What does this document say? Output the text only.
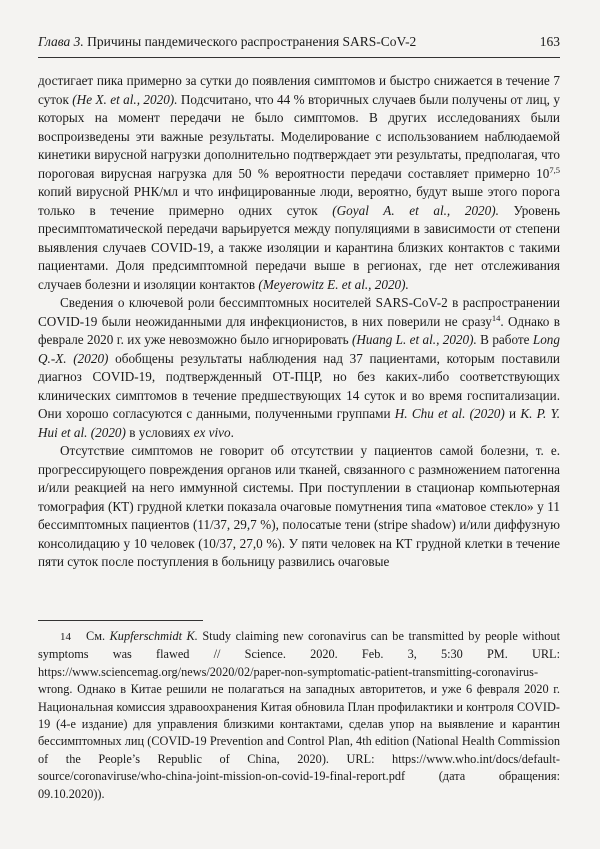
Глава 3. Причины пандемического распространения SARS-CoV-2	163

достигает пика примерно за сутки до появления симптомов и быстро снижается в течение 7 суток (He X. et al., 2020). Подсчитано, что 44 % вторичных случаев были получены от лиц, у которых на момент передачи не было симптомов. В других исследованиях были воспроизведены эти важные результаты. Моделирование с использованием наблюдаемой кинетики вирусной нагрузки дополнительно подтверждает эти результаты, предполагая, что пороговая вирусная нагрузка для 50 % вероятности передачи составляет примерно 10$^{7,5}$ копий вирусной РНК/мл и что инфицированные люди, вероятно, будут выше этого порога только в течение примерно одних суток (Goyal A. et al., 2020). Уровень пресимптоматической передачи варьируется между популяциями в зависимости от степени выявления случаев COVID-19, а также изоляции и карантина близких контактов с такими пациентами. Доля предсимптомной передачи выше в регионах, где нет отслеживания случаев болезни и изоляции контактов (Meyerowitz E. et al., 2020).

Сведения о ключевой роли бессимптомных носителей SARS-CoV-2 в распространении COVID-19 были неожиданными для инфекционистов, в них поверили не сразу$^{14}$. Однако в феврале 2020 г. их уже невозможно было игнорировать (Huang L. et al., 2020). В работе Long Q.-X. (2020) обобщены результаты наблюдения над 37 пациентами, которым поставили диагноз COVID-19, подтвержденный ОТ-ПЦР, но без каких-либо соответствующих клинических симптомов в течение предшествующих 14 суток и во время госпитализации. Они хорошо согласуются с данными, полученными группами H. Chu et al. (2020) и K. P. Y. Hui et al. (2020) в условиях ex vivo.

Отсутствие симптомов не говорит об отсутствии у пациентов самой болезни, т. е. прогрессирующего повреждения органов или тканей, связанного с размножением патогенна и/или реакцией на него иммунной системы. При поступлении в стационар компьютерная томография (КТ) грудной клетки показала очаговые помутнения типа «матовое стекло» у 11 бессимптомных пациентов (11/37, 29,7 %), полосатые тени (stripe shadow) и/или диффузную консолидацию у 10 человек (10/37, 27,0 %). У пяти человек на КТ грудной клетки в течение пяти суток после поступления в больницу развились очаговые

14 См. Kupferschmidt K. Study claiming new coronavirus can be transmitted by people without symptoms was flawed // Science. 2020. Feb. 3, 5:30 PM. URL: https://www.sciencemag.org/news/2020/02/paper-non-symptomatic-patient-transmitting-coronavirus-wrong. Однако в Китае решили не полагаться на западных авторитетов, и уже 6 февраля 2020 г. Национальная комиссия здравоохранения Китая обновила План профилактики и контроля COVID-19 (4-е издание) для управления близкими контактами, сделав упор на выявление и карантин бессимптомных лиц (COVID-19 Prevention and Control Plan, 4th edition (National Health Commission of the People’s Republic of China, 2020). URL: https://www.who.int/docs/default-source/coronaviruse/who-china-joint-mission-on-covid-19-final-report.pdf (дата обращения: 09.10.2020)).
